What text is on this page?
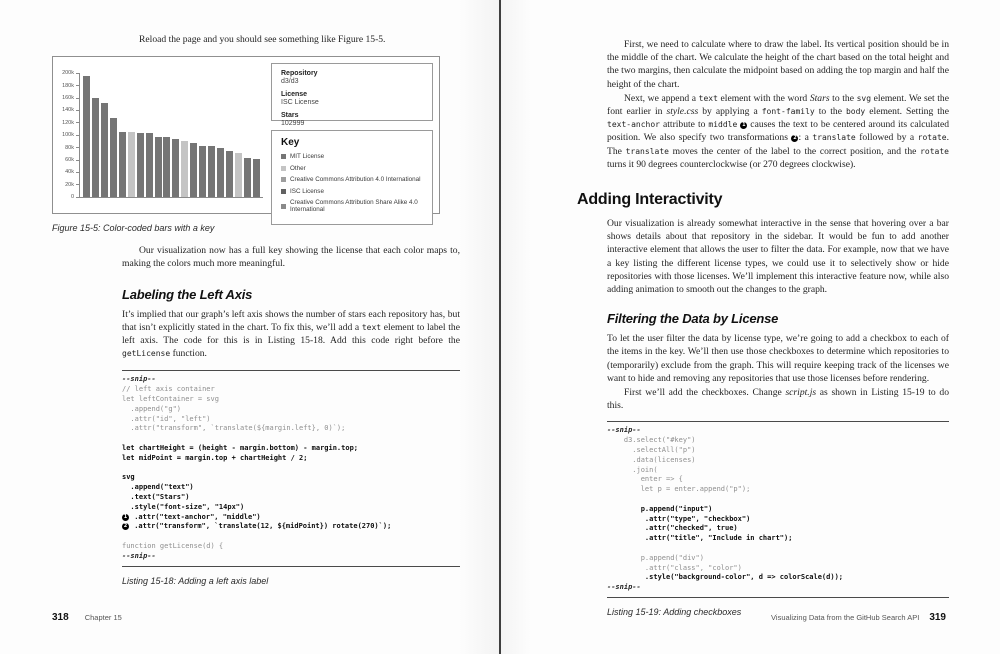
Reload the page and you should see something like Figure 15-5.

200k
180k
160k
140k
120k
100k
80k
60k
40k
20k
0
Repository
d3/d3
License
ISC License
Stars
102999
Key
MIT License
Other
Creative Commons Attribution 4.0 International
ISC License
Creative Commons Attribution Share Alike 4.0 International
Figure 15-5: Color-coded bars with a key

Our visualization now has a full key showing the license that each color maps to, making the colors much more meaningful.

Labeling the Left Axis

It’s implied that our graph’s left axis shows the number of stars each repository has, but that isn’t explicitly stated in the chart. To fix this, we’ll add a text element to label the left axis. The code for this is in Listing 15-18. Add this code right before the getLicense function.

--snip--
// left axis container
let leftContainer = svg
.append("g")
.attr("id", "left")
.attr("transform", `translate(${margin.left}, 0)`);

let chartHeight = (height - margin.bottom) - margin.top;
let midPoint = margin.top + chartHeight / 2;

svg
.append("text")
.text("Stars")
.style("font-size", "14px")
1 .attr("text-anchor", "middle")
2 .attr("transform", `translate(12, ${midPoint}) rotate(270)`);

function getLicense(d) {
--snip--
Listing 15-18: Adding a left axis label
318 Chapter 15

First, we need to calculate where to draw the label. Its vertical position should be in the middle of the chart. We calculate the height of the chart based on the total height and the two margins, then calculate the midpoint based on adding the top margin and half the height of the chart.

Next, we append a text element with the word Stars to the svg element. We set the font earlier in style.css by applying a font-family to the body element. Setting the text-anchor attribute to middle 1 causes the text to be centered around its calculated position. We also specify two transformations 2 : a translate followed by a rotate. The translate moves the center of the label to the correct position, and the rotate turns it 90 degrees counterclockwise (or 270 degrees clockwise).

Adding Interactivity

Our visualization is already somewhat interactive in the sense that hovering over a bar shows details about that repository in the sidebar. It would be fun to add another interactive element that allows the user to filter the data. For example, now that we have a key listing the different license types, we could use it to selectively show or hide repositories with those licenses. We’ll implement this interactive feature now, while also adding animation to smooth out the changes to the graph.

Filtering the Data by License

To let the user filter the data by license type, we’re going to add a checkbox to each of the items in the key. We’ll then use those checkboxes to determine which repositories to (temporarily) exclude from the graph. This will require keeping track of the licenses we want to hide and removing any repositories that use those licenses before rendering.

First we’ll add the checkboxes. Change script.js as shown in Listing 15-19 to do this.

--snip--
d3.select("#key")
.selectAll("p")
.data(licenses)
.join(
enter => {
let p = enter.append("p");

p.append("input")
.attr("type", "checkbox")
.attr("checked", true)
.attr("title", "Include in chart");

p.append("div")
.attr("class", "color")
.style("background-color", d => colorScale(d));
--snip--
Listing 15-19: Adding checkboxes
Visualizing Data from the GitHub Search API 319
